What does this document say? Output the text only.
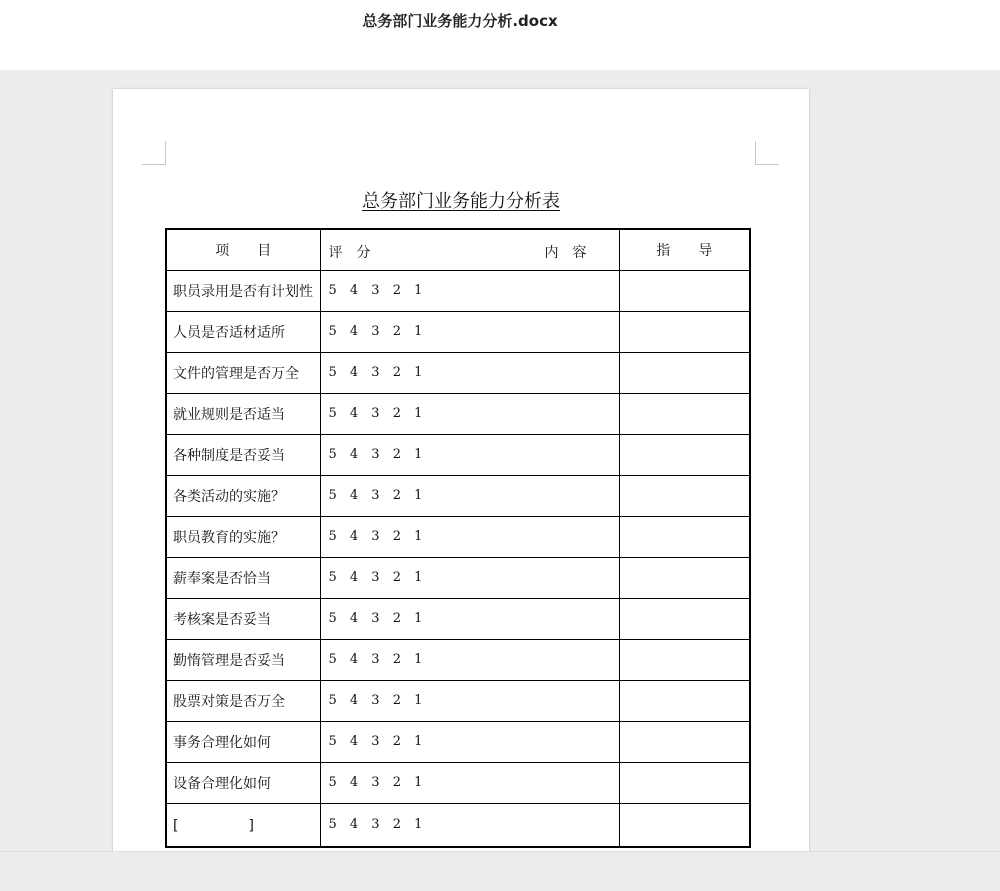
总务部门业务能力分析.docx
总务部门业务能力分析表
项　　目	评　分 内　容	指　　导
职员录用是否有计划性	5 4 3 2 1	
人员是否适材适所	5 4 3 2 1	
文件的管理是否万全	5 4 3 2 1	
就业规则是否适当	5 4 3 2 1	
各种制度是否妥当	5 4 3 2 1	
各类活动的实施？	5 4 3 2 1	
职员教育的实施？	5 4 3 2 1	
薪奉案是否恰当	5 4 3 2 1	
考核案是否妥当	5 4 3 2 1	
勤惰管理是否妥当	5 4 3 2 1	
股票对策是否万全	5 4 3 2 1	
事务合理化如何	5 4 3 2 1	
设备合理化如何	5 4 3 2 1	
[　　　　　]	5 4 3 2 1	
